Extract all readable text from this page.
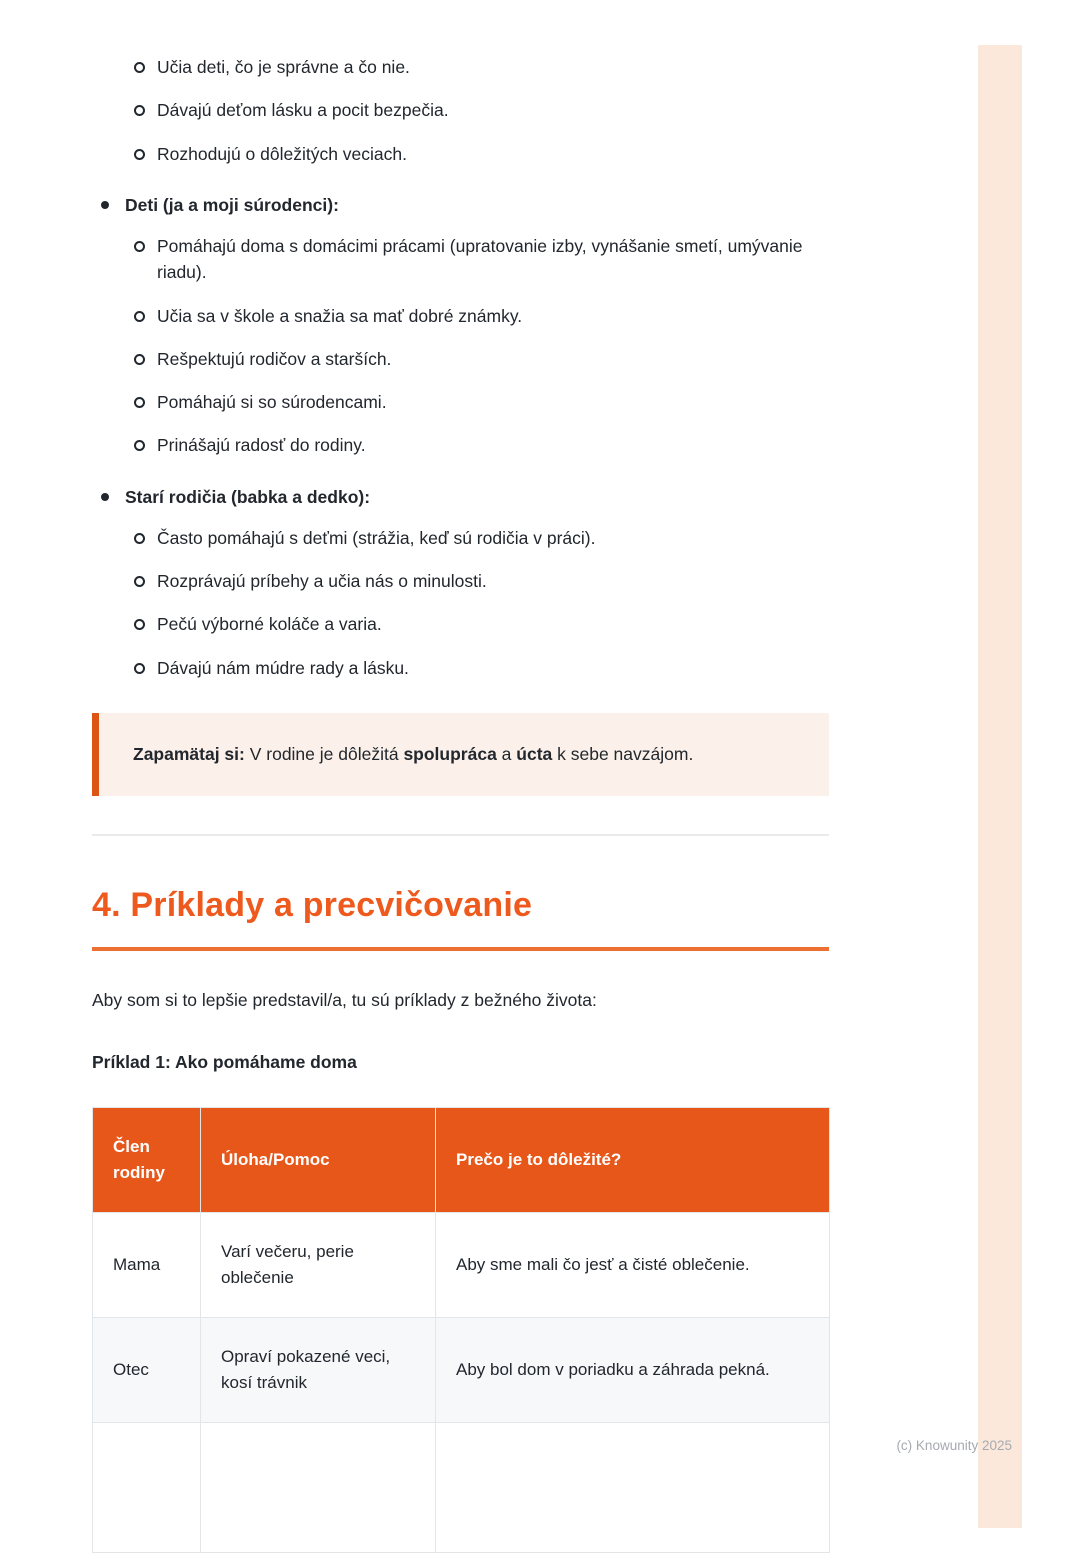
Učia deti, čo je správne a čo nie.
Dávajú deťom lásku a pocit bezpečia.
Rozhodujú o dôležitých veciach.
Deti (ja a moji súrodenci):
Pomáhajú doma s domácimi prácami (upratovanie izby, vynášanie smetí, umývanie riadu).
Učia sa v škole a snažia sa mať dobré známky.
Rešpektujú rodičov a starších.
Pomáhajú si so súrodencami.
Prinášajú radosť do rodiny.
Starí rodičia (babka a dedko):
Často pomáhajú s deťmi (strážia, keď sú rodičia v práci).
Rozprávajú príbehy a učia nás o minulosti.
Pečú výborné koláče a varia.
Dávajú nám múdre rady a lásku.

Zapamätaj si: V rodine je dôležitá spolupráca a úcta k sebe navzájom.

4. Príklady a precvičovanie

Aby som si to lepšie predstavil/a, tu sú príklady z bežného života:

Príklad 1: Ako pomáhame doma

Člen rodiny	Úloha/Pomoc	Prečo je to dôležité?
Mama	Varí večeru, perie oblečenie	Aby sme mali čo jesť a čisté oblečenie.
Otec	Opraví pokazené veci, kosí trávnik	Aby bol dom v poriadku a záhrada pekná.

(c) Knowunity 2025
